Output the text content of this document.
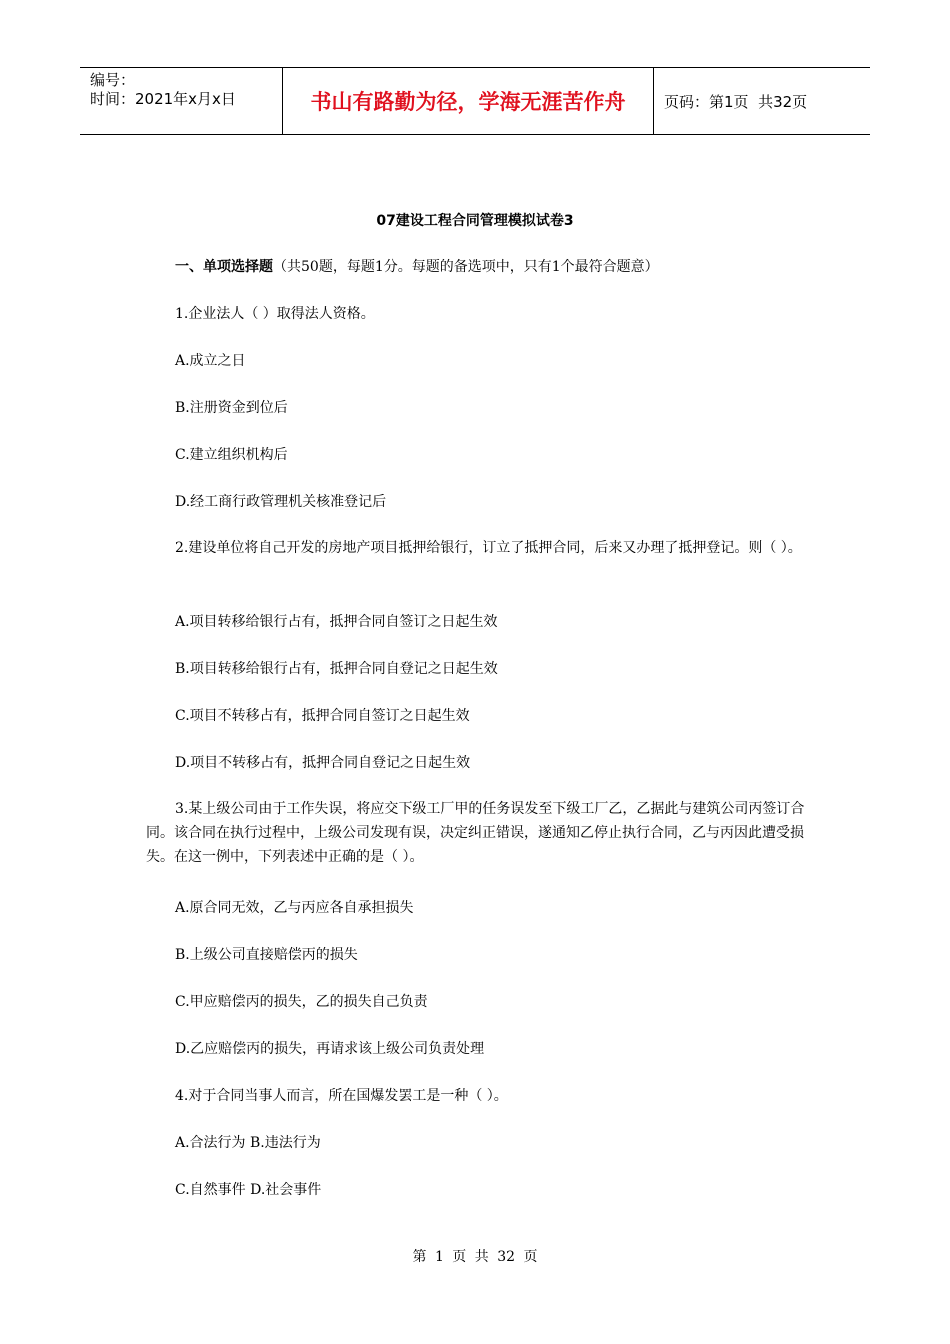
编号：
时间：2021年x月x日	书山有路勤为径，学海无涯苦作舟	页码：第1页  共32页
07建设工程合同管理模拟试卷3
一、单项选择题（共50题，每题1分。每题的备选项中，只有1个最符合题意）
1.企业法人（ ）取得法人资格。
A.成立之日
B.注册资金到位后
C.建立组织机构后
D.经工商行政管理机关核准登记后
2.建设单位将自己开发的房地产项目抵押给银行，订立了抵押合同，后来又办理了抵押登记。则（ ）。
A.项目转移给银行占有，抵押合同自签订之日起生效
B.项目转移给银行占有，抵押合同自登记之日起生效
C.项目不转移占有，抵押合同自签订之日起生效
D.项目不转移占有，抵押合同自登记之日起生效
3.某上级公司由于工作失误，将应交下级工厂甲的任务误发至下级工厂乙，乙据此与建筑公司丙签订合同。该合同在执行过程中，上级公司发现有误，决定纠正错误，遂通知乙停止执行合同，乙与丙因此遭受损失。在这一例中，下列表述中正确的是（ ）。
A.原合同无效，乙与丙应各自承担损失
B.上级公司直接赔偿丙的损失
C.甲应赔偿丙的损失，乙的损失自己负责
D.乙应赔偿丙的损失，再请求该上级公司负责处理
4.对于合同当事人而言，所在国爆发罢工是一种（ ）。
A.合法行为 B.违法行为
C.自然事件 D.社会事件
第 1 页 共 32 页
